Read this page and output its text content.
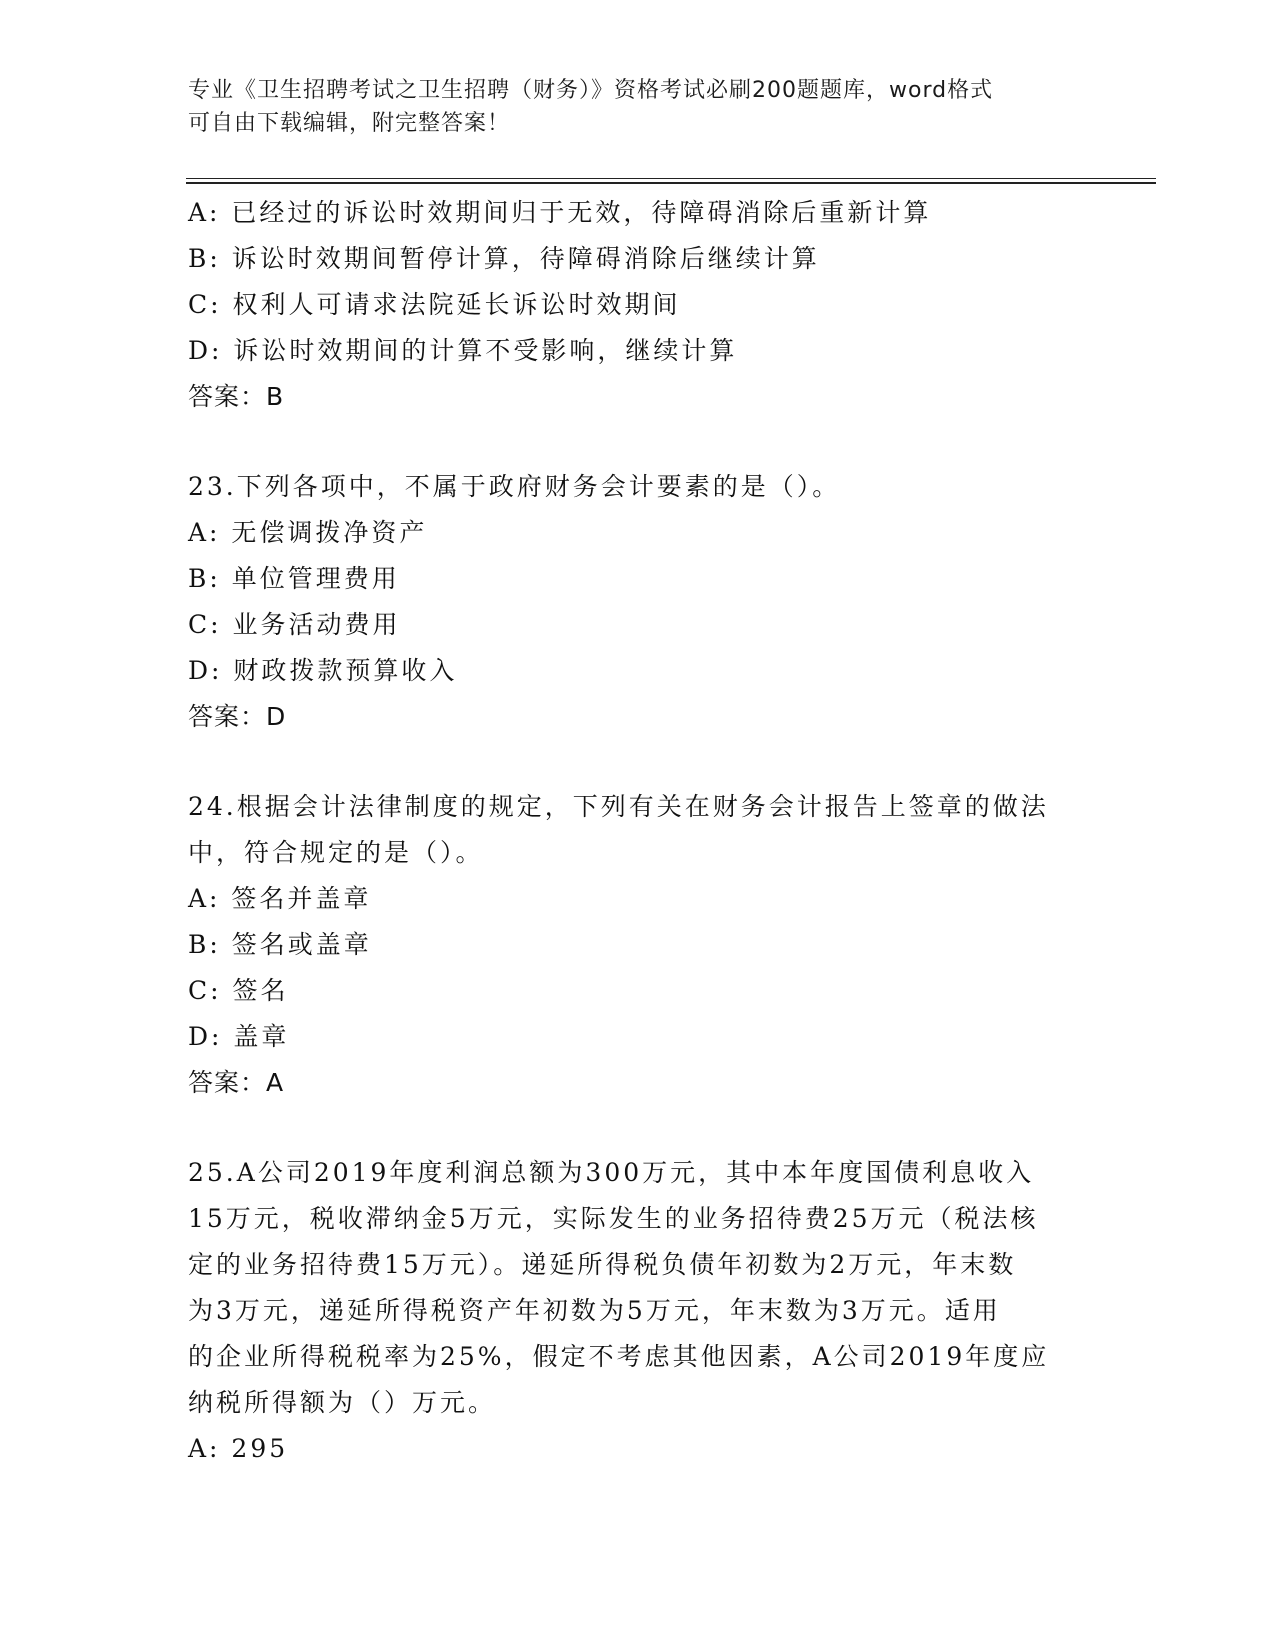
专业《卫生招聘考试之卫生招聘（财务）》资格考试必刷200题题库，word格式
可自由下载编辑，附完整答案！
A: 已经过的诉讼时效期间归于无效，待障碍消除后重新计算
B: 诉讼时效期间暂停计算，待障碍消除后继续计算
C: 权利人可请求法院延长诉讼时效期间
D: 诉讼时效期间的计算不受影响，继续计算
答案：B
23.下列各项中，不属于政府财务会计要素的是（）。
A: 无偿调拨净资产
B: 单位管理费用
C: 业务活动费用
D: 财政拨款预算收入
答案：D
24.根据会计法律制度的规定，下列有关在财务会计报告上签章的做法
中，符合规定的是（）。
A: 签名并盖章
B: 签名或盖章
C: 签名
D: 盖章
答案：A
25.A公司2019年度利润总额为300万元，其中本年度国债利息收入
15万元，税收滞纳金5万元，实际发生的业务招待费25万元（税法核
定的业务招待费15万元）。递延所得税负债年初数为2万元，年末数
为3万元，递延所得税资产年初数为5万元，年末数为3万元。适用
的企业所得税税率为25%，假定不考虑其他因素，A公司2019年度应
纳税所得额为（）万元。
A: 295
